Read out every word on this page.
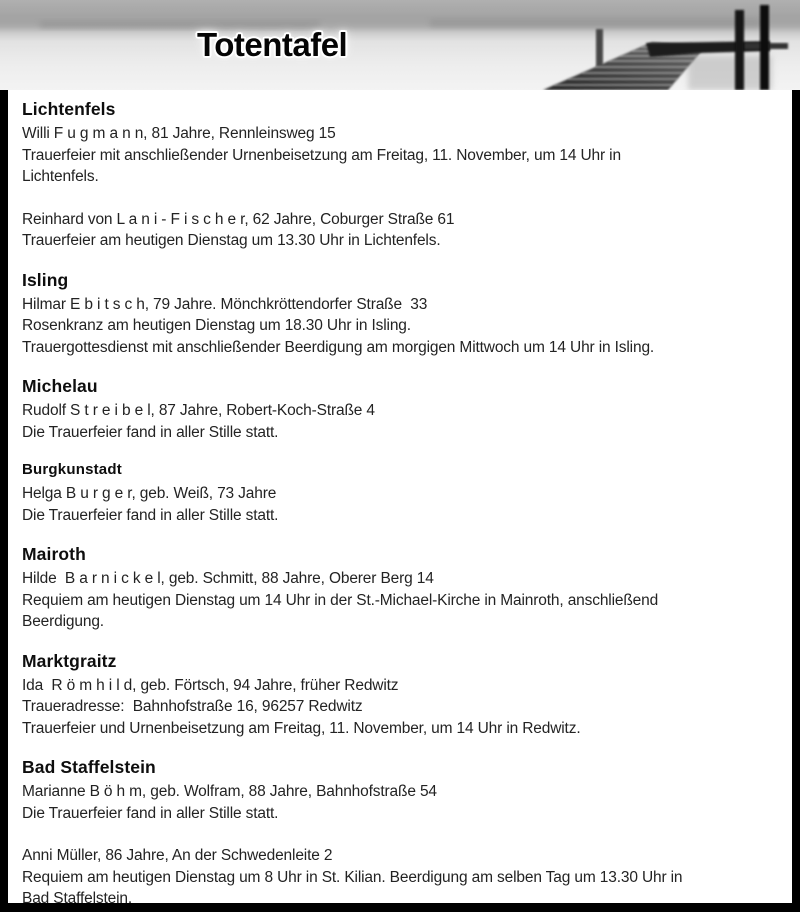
Totentafel
Lichtenfels
Willi F u g m a n n, 81 Jahre, Rennleinsweg 15
Trauerfeier mit anschließender Urnenbeisetzung am Freitag, 11. November, um 14 Uhr in
Lichtenfels.
Reinhard von L a n i - F i s c h e r, 62 Jahre, Coburger Straße 61
Trauerfeier am heutigen Dienstag um 13.30 Uhr in Lichtenfels.
Isling
Hilmar E b i t s c h, 79 Jahre. Mönchkröttendorfer Straße  33
Rosenkranz am heutigen Dienstag um 18.30 Uhr in Isling.
Trauergottesdienst mit anschließender Beerdigung am morgigen Mittwoch um 14 Uhr in Isling.
Michelau
Rudolf S t r e i b e l, 87 Jahre, Robert-Koch-Straße 4
Die Trauerfeier fand in aller Stille statt.
Burgkunstadt
Helga B u r g e r, geb. Weiß, 73 Jahre
Die Trauerfeier fand in aller Stille statt.
Mairoth
Hilde  B a r n i c k e l, geb. Schmitt, 88 Jahre, Oberer Berg 14
Requiem am heutigen Dienstag um 14 Uhr in der St.-Michael-Kirche in Mainroth, anschließend
Beerdigung.
Marktgraitz
Ida  R ö m h i l d, geb. Förtsch, 94 Jahre, früher Redwitz
Traueradresse:  Bahnhofstraße 16, 96257 Redwitz
Trauerfeier und Urnenbeisetzung am Freitag, 11. November, um 14 Uhr in Redwitz.
Bad Staffelstein
Marianne B ö h m, geb. Wolfram, 88 Jahre, Bahnhofstraße 54
Die Trauerfeier fand in aller Stille statt.
Anni Müller, 86 Jahre, An der Schwedenleite 2
Requiem am heutigen Dienstag um 8 Uhr in St. Kilian. Beerdigung am selben Tag um 13.30 Uhr in
Bad Staffelstein.
